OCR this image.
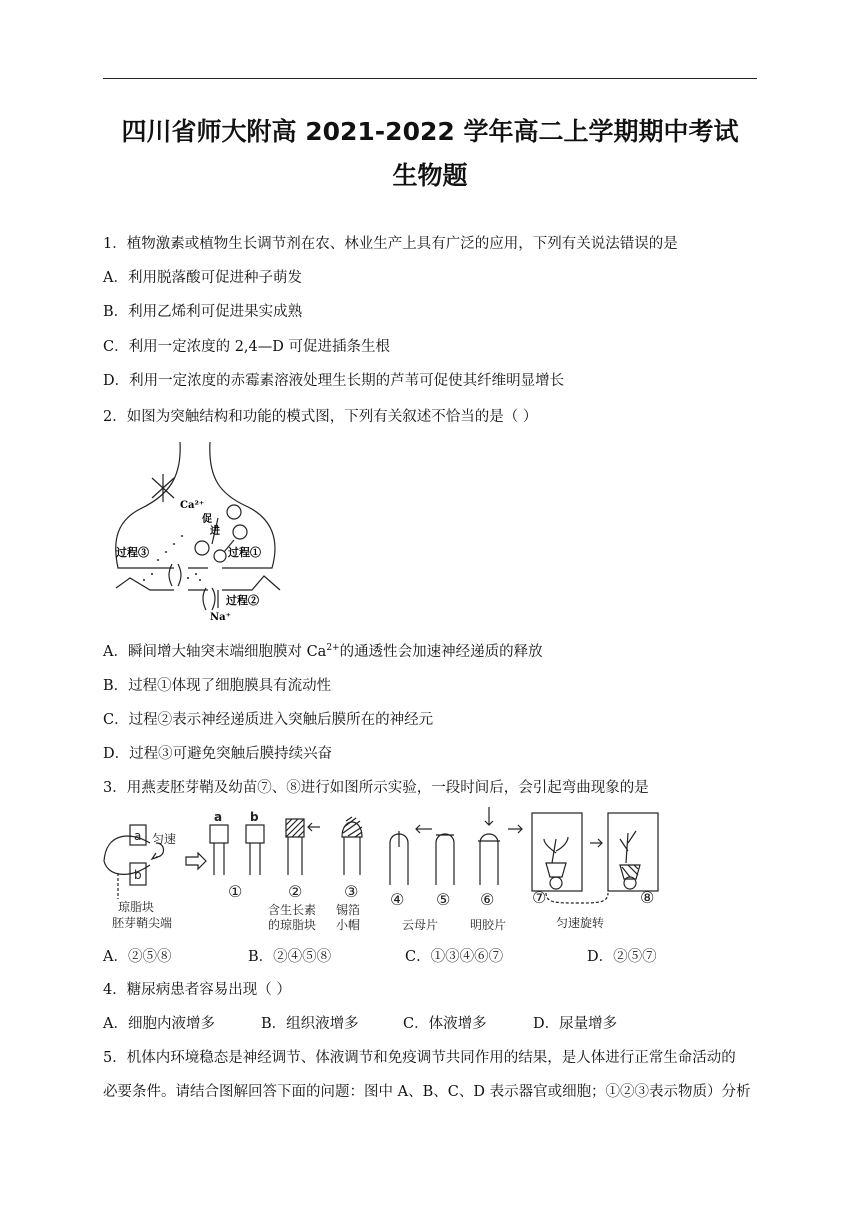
四川省师大附高 2021-2022 学年高二上学期期中考试
生物题
1．植物激素或植物生长调节剂在农、林业生产上具有广泛的应用，下列有关说法错误的是
A．利用脱落酸可促进种子萌发
B．利用乙烯利可促进果实成熟
C．利用一定浓度的 2,4—D 可促进插条生根
D．利用一定浓度的赤霉素溶液处理生长期的芦苇可促使其纤维明显增长
2．如图为突触结构和功能的模式图，下列有关叙述不恰当的是（ ）
Ca²⁺
促
进
过程③	过程①
过程②
Na⁺
A．瞬间增大轴突末端细胞膜对 $Ca^{2+}$的通透性会加速神经递质的释放
B．过程①体现了细胞膜具有流动性
C．过程②表示神经递质进入突触后膜所在的神经元
D．过程③可避免突触后膜持续兴奋
3．用燕麦胚芽鞘及幼苗⑦、⑧进行如图所示实验，一段时间后，会引起弯曲现象的是
a
b
匀速
琼脂块
胚芽鞘尖端
a b
①	②	③
含生长素
的琼脂块
锡箔
小帽
④ ⑤ ⑥
云母片	明胶片
⑦	⑧
匀速旋转
A．②⑤⑧	B．②④⑤⑧	C．①③④⑥⑦	D．②⑤⑦
4．糖尿病患者容易出现（ ）
A．细胞内液增多	B．组织液增多	C．体液增多	D．尿量增多
5．机体内环境稳态是神经调节、体液调节和免疫调节共同作用的结果，是人体进行正常生命活动的
必要条件。请结合图解回答下面的问题：图中 A、B、C、D 表示器官或细胞；①②③表示物质）分析
